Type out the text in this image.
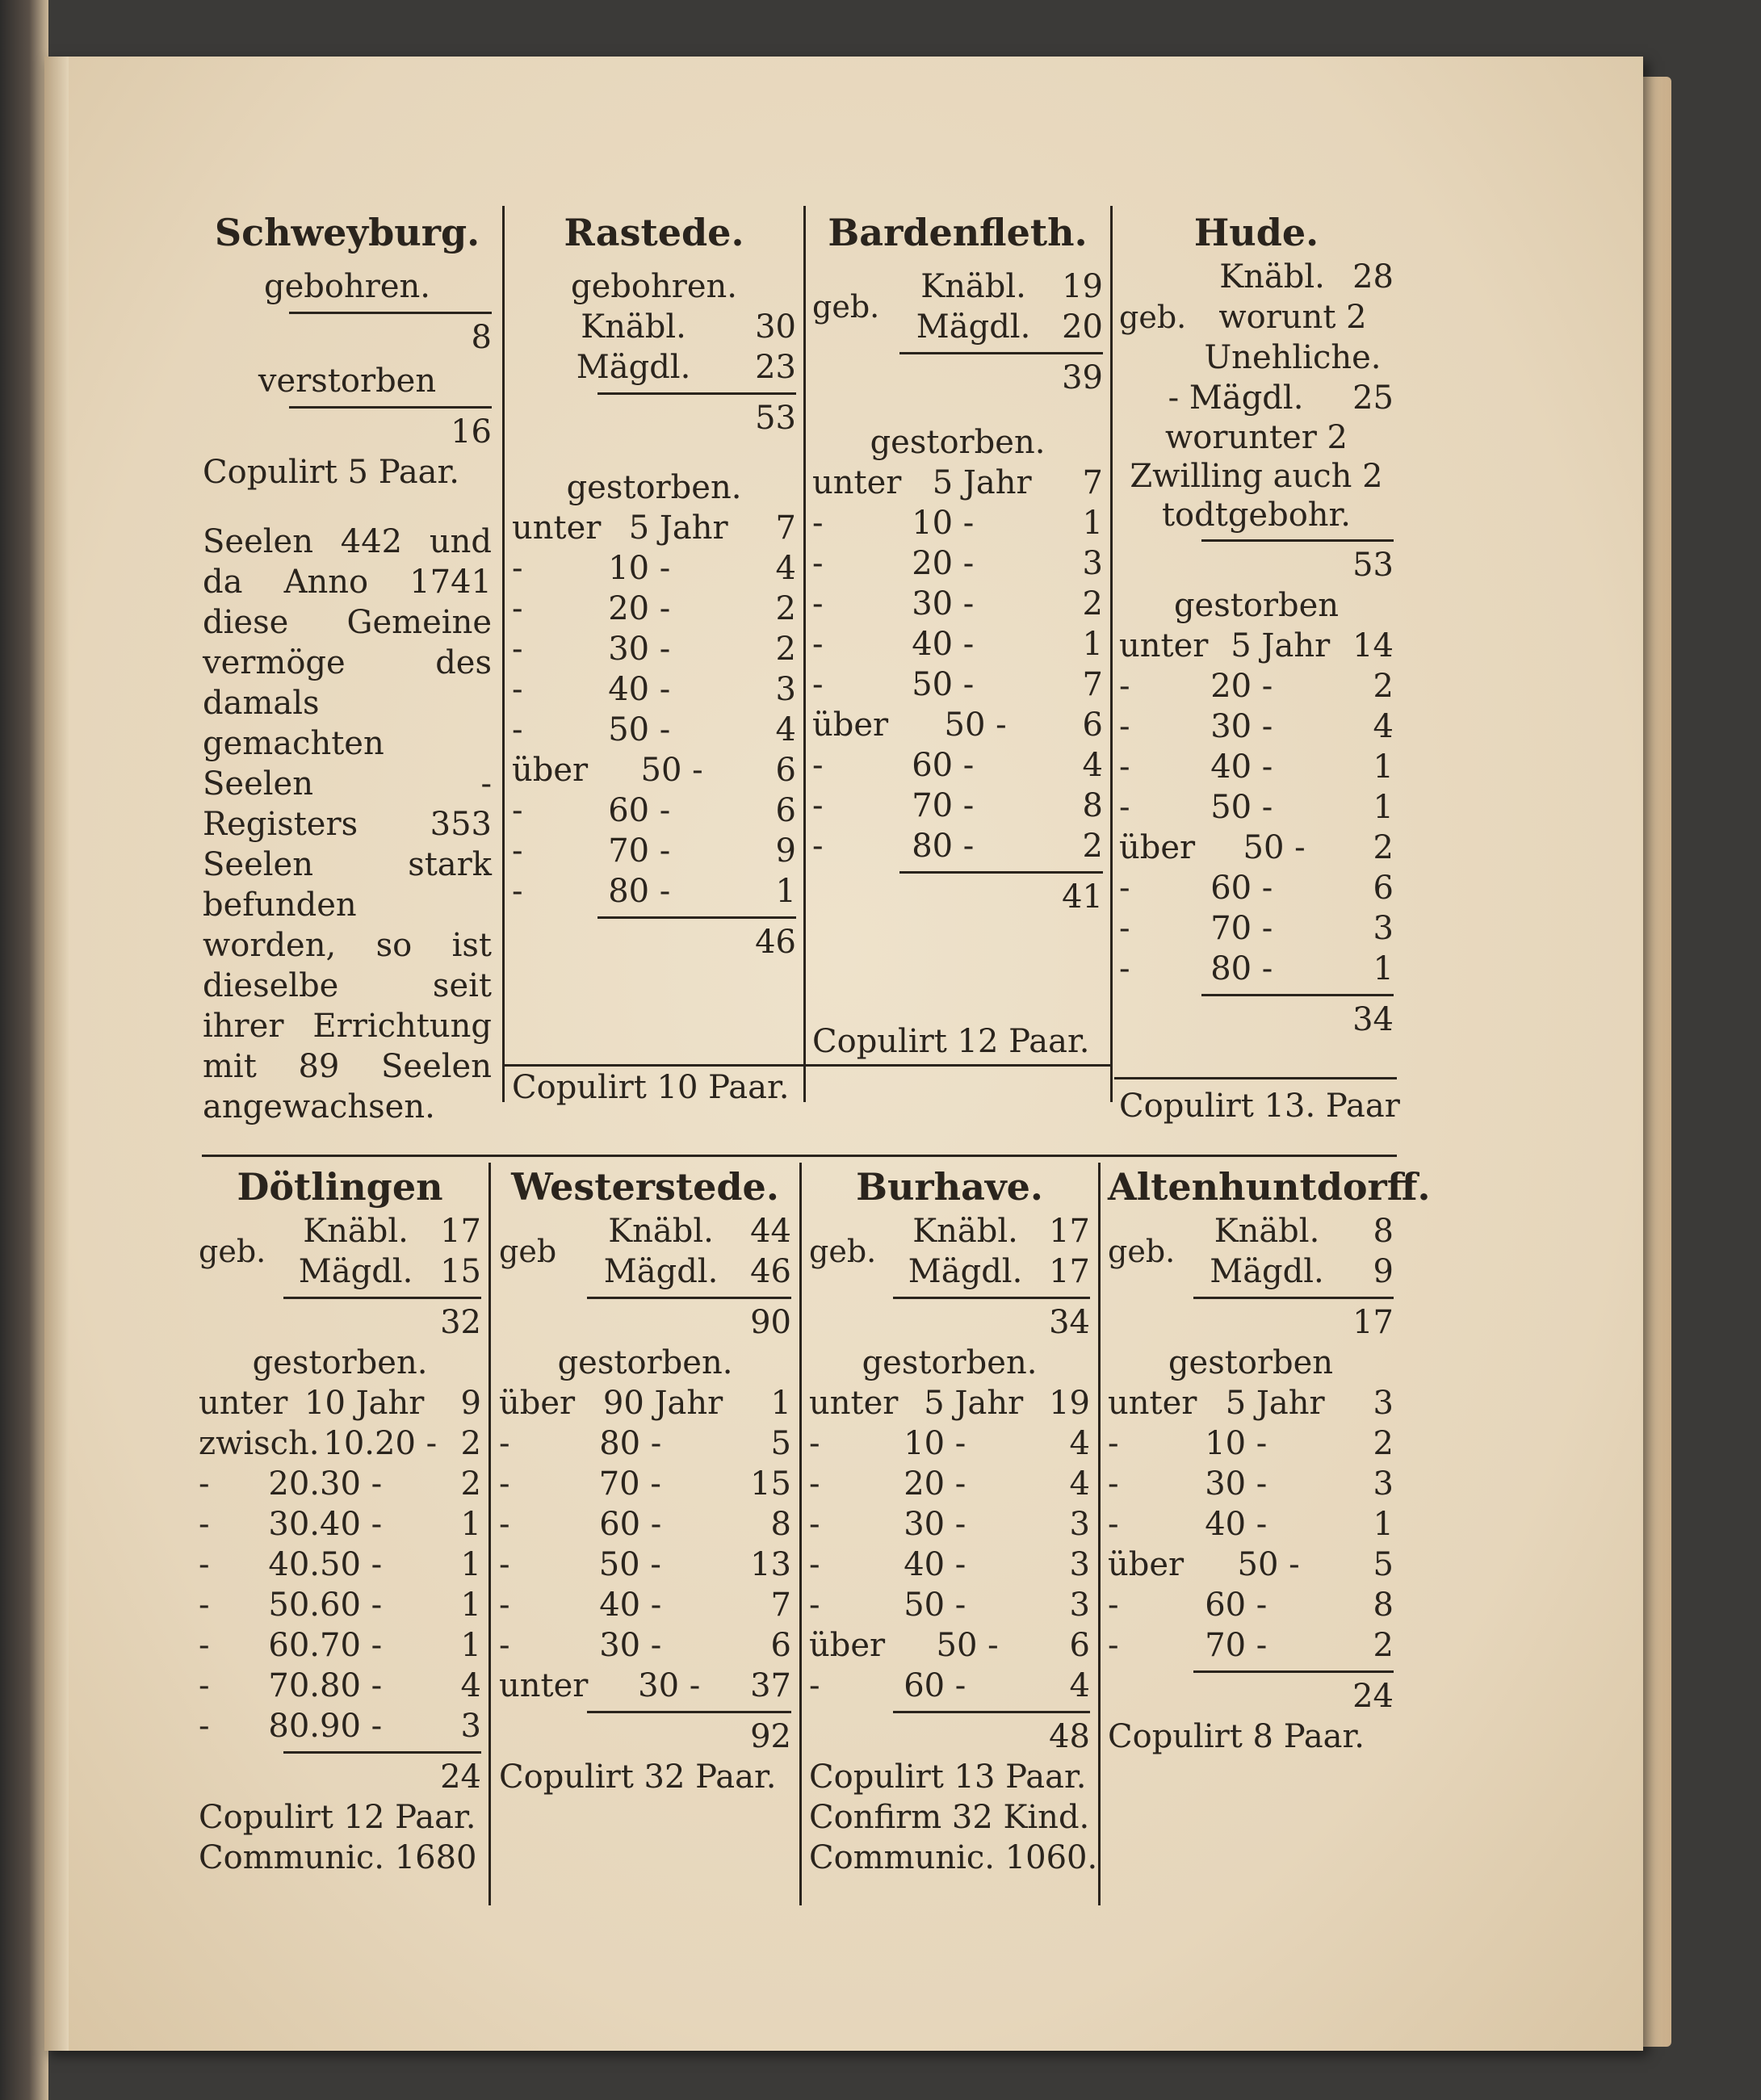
Schweyburg.
gebohren.
8
verstorben
16
Copulirt 5 Paar.
Seelen 442 und da Anno 1741 diese Gemeine vermöge des damals gemachten Seelen - Registers 353 Seelen stark befunden worden, so ist dieselbe seit ihrer Errichtung mit 89 Seelen angewachsen.
Rastede.
gebohren.
Knäbl.	30
Mägdl.	23
53
gestorben.
unter 5 Jahr	7
-	10 -	4
-	20 -	2
-	30 -	2
-	40 -	3
-	50 -	4
über	50 -	6
-	60 -	6
-	70 -	9
-	80 -	1
46
Copulirt 10 Paar.
Bardenfleth.
geb.
Knäbl.	19
Mägdl. 20
39
gestorben.
unter 5 Jahr	7
-	10 -	1
-	20 -	3
-	30 -	2
-	40 -	1
-	50 -	7
über	50 -	6
-	60 -	4
-	70 -	8
-	80 -	2
41
Copulirt 12 Paar.
Hude.
geb.
Knäbl. 28
worunt 2
Unehliche.
- Mägdl.	25
worunter 2 Zwilling auch 2 todtgebohr.
53
gestorben
unter 5 Jahr 14
-	20 -	2
-	30 -	4
-	40 -	1
-	50 -	1
über	50 -	2
-	60 -	6
-	70 -	3
-	80 -	1
34
Copulirt 13. Paar
Dötlingen
geb.
Knäbl. 17
Mägdl. 15
32
gestorben.
unter 10 Jahr	9
zwisch. 10.20 - 2
-	20.30 -	2
-	30.40 -	1
-	40.50 -	1
-	50.60 -	1
-	60.70 -	1
-	70.80 -	4
-	80.90 -	3
24
Copulirt 12 Paar.
Communic. 1680
Westerstede.
geb
Knäbl.	44
Mägdl. 46
90
gestorben.
über 90 Jahr	1
-	80 -	5
-	70 -	15
-	60 -	8
-	50 -	13
-	40 -	7
-	30 -	6
unter	30 -	37
92
Copulirt 32 Paar.
Burhave.
geb.
Knäbl. 17
Mägdl. 17
34
gestorben.
unter 5 Jahr 19
-	10 -	4
-	20 -	4
-	30 -	3
-	40 -	3
-	50 -	3
über	50 -	6
-	60 -	4
48
Copulirt 13 Paar.
Confirm 32 Kind.
Communic. 1060.
Altenhuntdorff.
geb.
Knäbl.	8
Mägdl.	9
17
gestorben
unter 5 Jahr	3
-	10 -	2
-	30 -	3
-	40 -	1
über	50 -	5
-	60 -	8
-	70 -	2
24
Copulirt 8 Paar.
